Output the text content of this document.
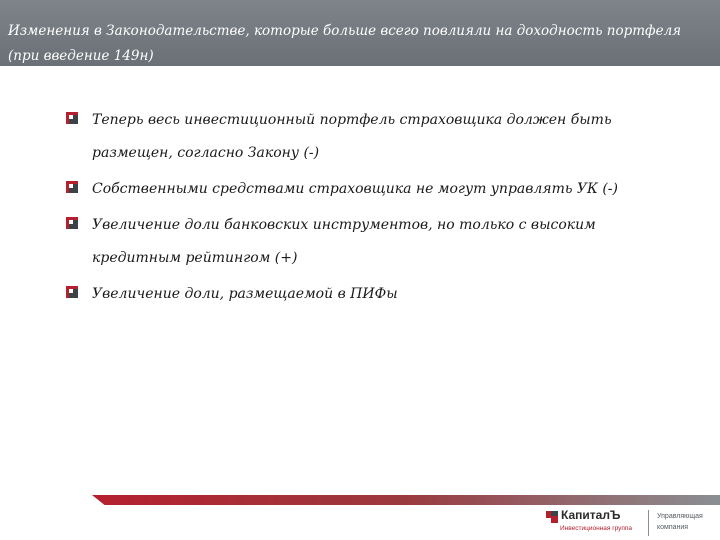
Изменения в Законодательстве, которые больше всего повлияли на доходность портфеля (при введение 149н)
Теперь весь инвестиционный портфель страховщика должен быть размещен, согласно Закону (-)
Собственными средствами страховщика не могут управлять УК (-)
Увеличение доли банковских инструментов, но только с высоким кредитным рейтингом (+)
Увеличение доли, размещаемой в ПИФы
КапиталЪ
Инвестиционная группа
Управляющая
компания
